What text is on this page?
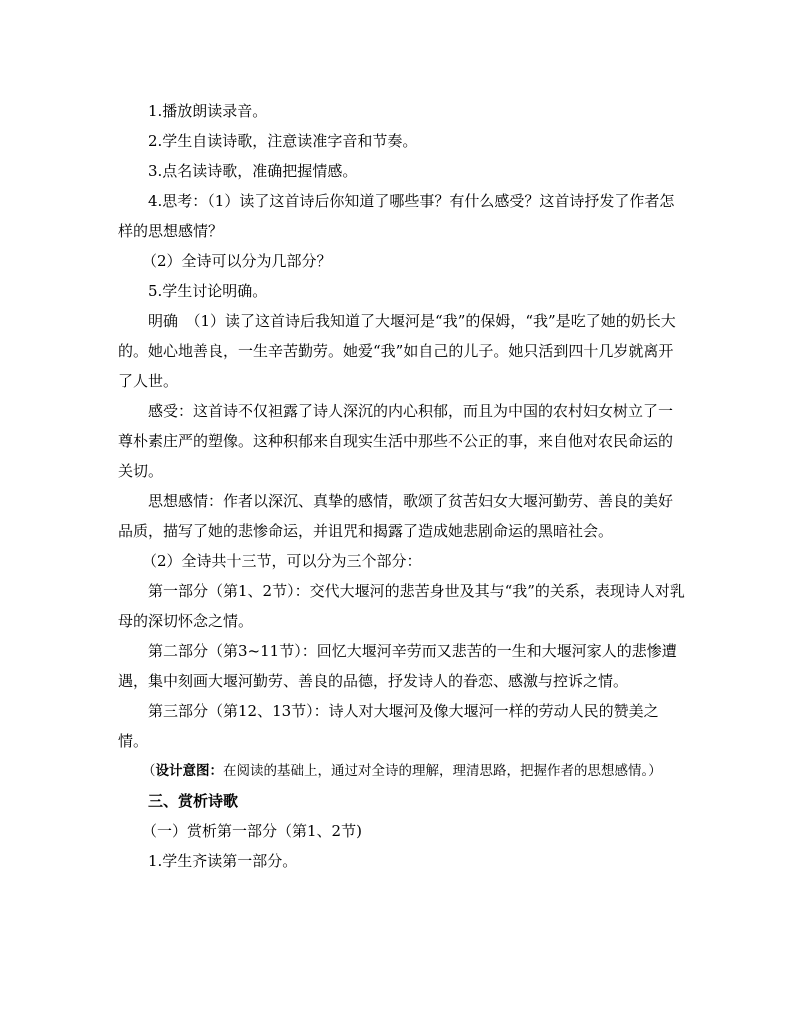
1.播放朗读录音。

2.学生自读诗歌，注意读准字音和节奏。

3.点名读诗歌，准确把握情感。

4.思考：（1）读了这首诗后你知道了哪些事？有什么感受？这首诗抒发了作者怎样的思想感情？

（2）全诗可以分为几部分？

5.学生讨论明确。

明确　（1）读了这首诗后我知道了大堰河是“我”的保姆，“我”是吃了她的奶长大的。她心地善良，一生辛苦勤劳。她爱“我”如自己的儿子。她只活到四十几岁就离开了人世。

感受：这首诗不仅袒露了诗人深沉的内心积郁，而且为中国的农村妇女树立了一尊朴素庄严的塑像。这种积郁来自现实生活中那些不公正的事，来自他对农民命运的关切。

思想感情：作者以深沉、真挚的感情，歌颂了贫苦妇女大堰河勤劳、善良的美好品质，描写了她的悲惨命运，并诅咒和揭露了造成她悲剧命运的黑暗社会。

（2）全诗共十三节，可以分为三个部分：

第一部分（第1、2节）：交代大堰河的悲苦身世及其与“我”的关系，表现诗人对乳母的深切怀念之情。

第二部分（第3~11节）：回忆大堰河辛劳而又悲苦的一生和大堰河家人的悲惨遭遇，集中刻画大堰河勤劳、善良的品德，抒发诗人的眷恋、感激与控诉之情。

第三部分（第12、13节）：诗人对大堰河及像大堰河一样的劳动人民的赞美之情。

（设计意图：在阅读的基础上，通过对全诗的理解，理清思路，把握作者的思想感情。）

三、赏析诗歌

（一）赏析第一部分（第1、2节)

1.学生齐读第一部分。
